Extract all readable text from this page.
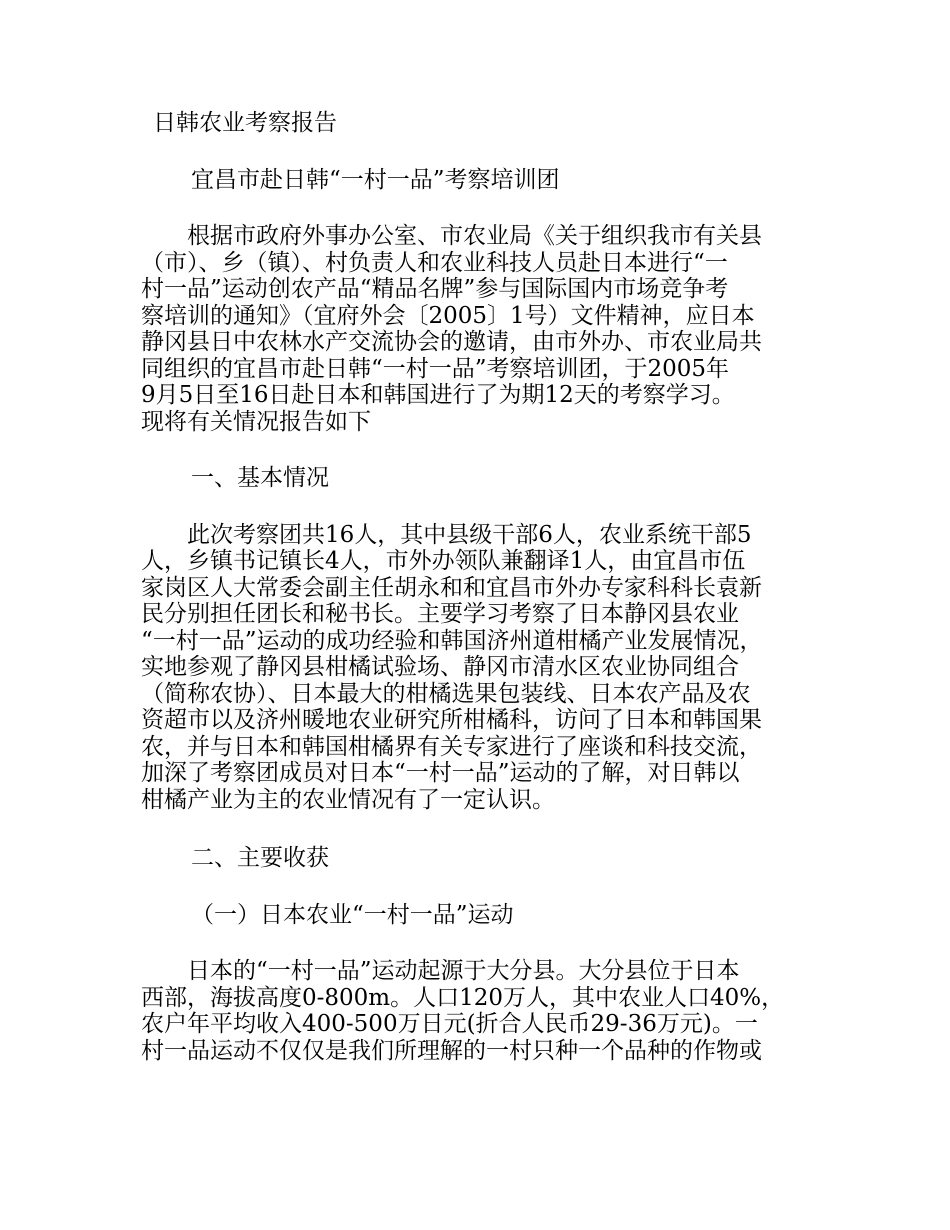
日韩农业考察报告

宜昌市赴日韩“一村一品”考察培训团

　　根据市政府外事办公室、市农业局《关于组织我市有关县

（市）、乡（镇）、村负责人和农业科技人员赴日本进行“一

村一品”运动创农产品“精品名牌”参与国际国内市场竞争考

察培训的通知》（宜府外会〔2005〕1号）文件精神，应日本

静冈县日中农林水产交流协会的邀请，由市外办、市农业局共

同组织的宜昌市赴日韩“一村一品”考察培训团，于2005年

9月5日至16日赴日本和韩国进行了为期12天的考察学习。

现将有关情况报告如下

一、基本情况

　　此次考察团共16人，其中县级干部6人，农业系统干部5

人，乡镇书记镇长4人，市外办领队兼翻译1人，由宜昌市伍

家岗区人大常委会副主任胡永和和宜昌市外办专家科科长袁新

民分别担任团长和秘书长。主要学习考察了日本静冈县农业

“一村一品”运动的成功经验和韩国济州道柑橘产业发展情况，

实地参观了静冈县柑橘试验场、静冈市清水区农业协同组合

（简称农协）、日本最大的柑橘选果包装线、日本农产品及农

资超市以及济州暖地农业研究所柑橘科，访问了日本和韩国果

农，并与日本和韩国柑橘界有关专家进行了座谈和科技交流，

加深了考察团成员对日本“一村一品”运动的了解，对日韩以

柑橘产业为主的农业情况有了一定认识。

二、主要收获

（一）日本农业“一村一品”运动

　　日本的“一村一品”运动起源于大分县。大分县位于日本

西部，海拔高度0-800m。人口120万人，其中农业人口40%，

农户年平均收入400-500万日元(折合人民币29-36万元)。一

村一品运动不仅仅是我们所理解的一村只种一个品种的作物或
